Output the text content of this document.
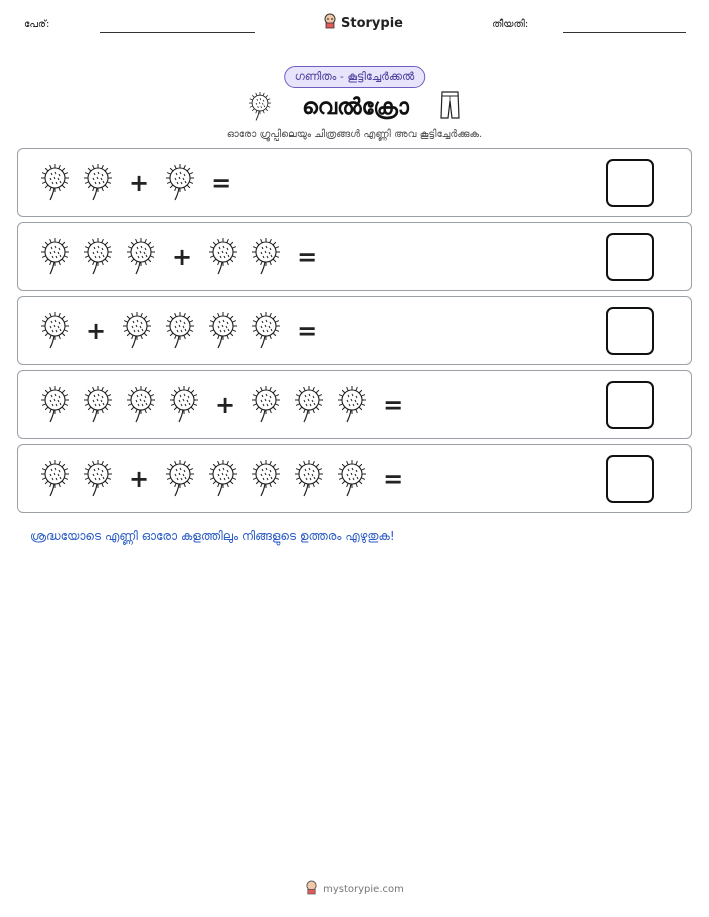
പേര്:	Storypie	തീയതി:
ഗണിതം - കൂട്ടിച്ചേർക്കൽ
വെൽക്രോ
ഓരോ ഗ്രൂപ്പിലെയും ചിത്രങ്ങൾ എണ്ണി അവ കൂട്ടിച്ചേർക്കുക.
+	=
+	=
+	=
+	=
+	=
ശ്രദ്ധയോടെ എണ്ണി ഓരോ കളത്തിലും നിങ്ങളുടെ ഉത്തരം എഴുതുക!
mystorypie.com
